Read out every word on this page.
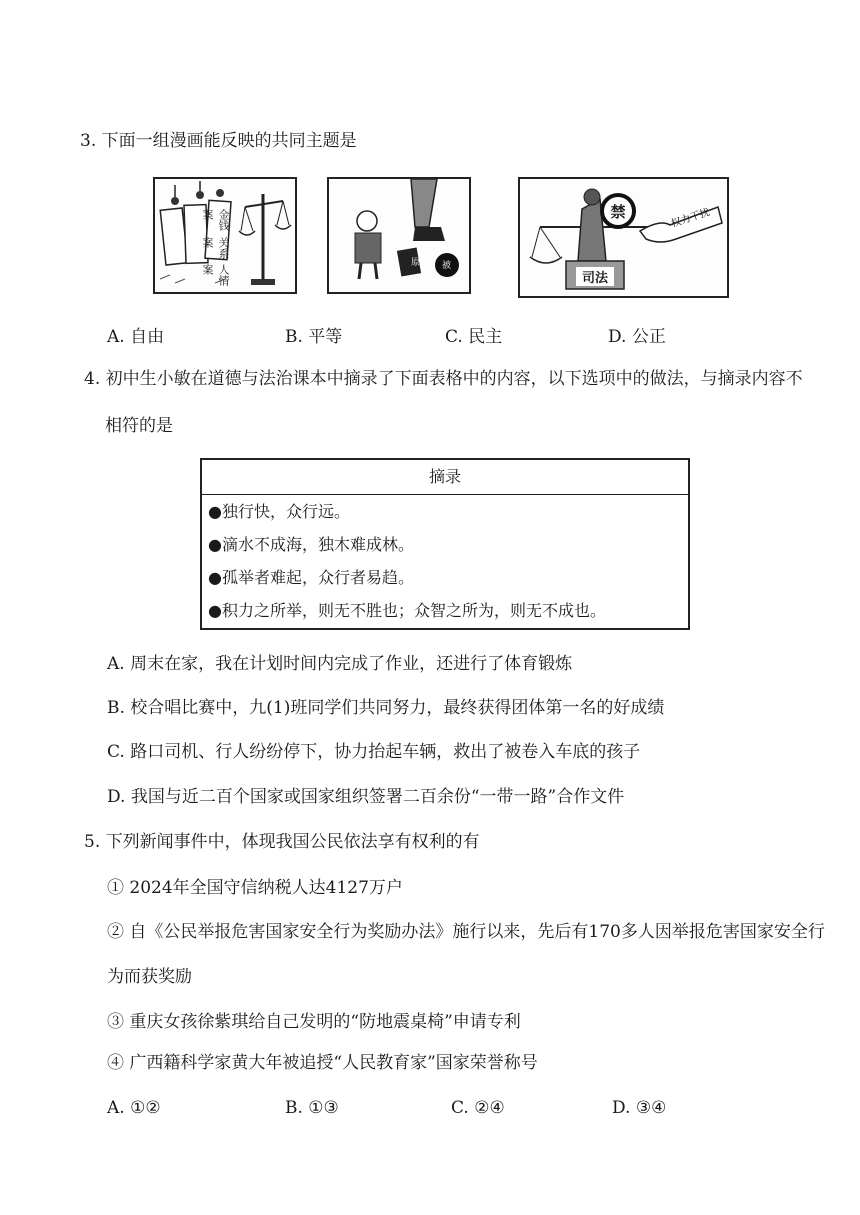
3. 下面一组漫画能反映的共同主题是
金钱案
关系案
人情案
原 被
禁
司法
权力干扰
A. 自由	B. 平等	C. 民主	D. 公正
4. 初中生小敏在道德与法治课本中摘录了下面表格中的内容，以下选项中的做法，与摘录内容不
相符的是
摘录
●独行快，众行远。
●滴水不成海，独木难成林。
●孤举者难起，众行者易趋。
●积力之所举，则无不胜也；众智之所为，则无不成也。
A. 周末在家，我在计划时间内完成了作业，还进行了体育锻炼
B. 校合唱比赛中，九(1)班同学们共同努力，最终获得团体第一名的好成绩
C. 路口司机、行人纷纷停下，协力抬起车辆，救出了被卷入车底的孩子
D. 我国与近二百个国家或国家组织签署二百余份“一带一路”合作文件
5. 下列新闻事件中，体现我国公民依法享有权利的有
① 2024年全国守信纳税人达4127万户
② 自《公民举报危害国家安全行为奖励办法》施行以来，先后有170多人因举报危害国家安全行
为而获奖励
③ 重庆女孩徐紫琪给自己发明的“防地震桌椅”申请专利
④ 广西籍科学家黄大年被追授“人民教育家”国家荣誉称号
A. ①②	B. ①③	C. ②④	D. ③④
